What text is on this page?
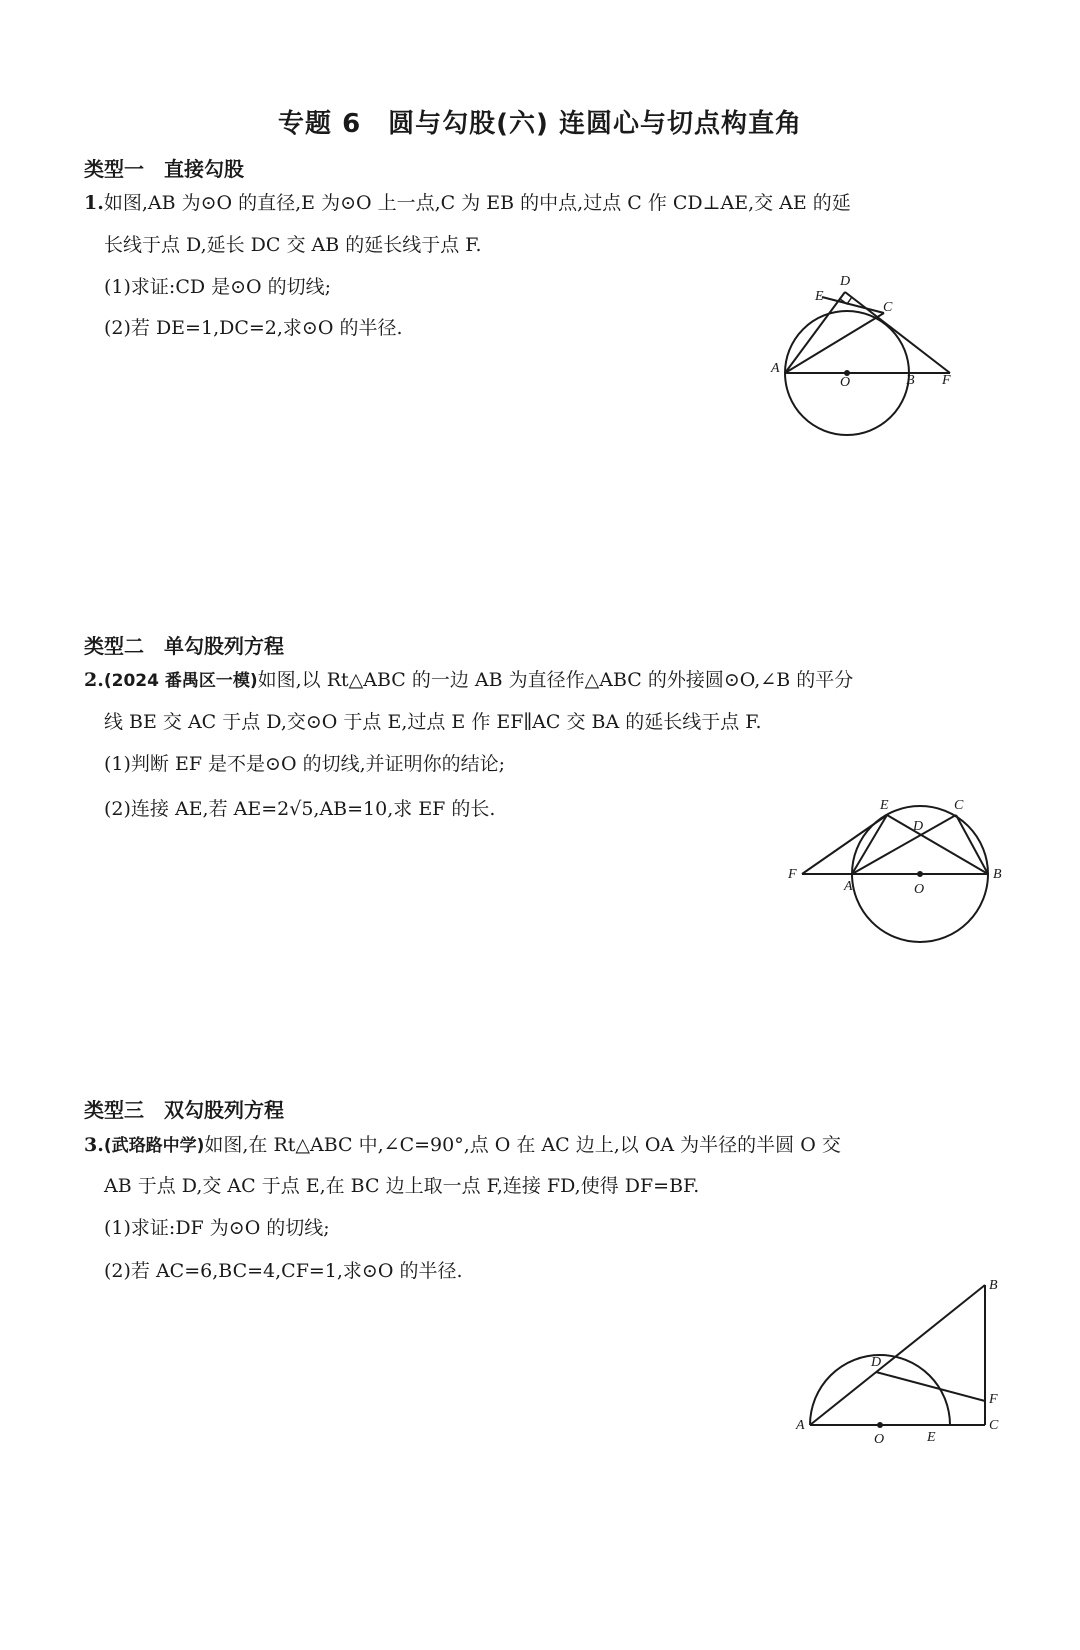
专题 6　圆与勾股(六) 连圆心与切点构直角
类型一　直接勾股
1.如图,AB 为⊙O 的直径,E 为⊙O 上一点,C 为 EB 的中点,过点 C 作 CD⊥AE,交 AE 的延
长线于点 D,延长 DC 交 AB 的延长线于点 F.
(1)求证:CD 是⊙O 的切线;
(2)若 DE=1,DC=2,求⊙O 的半径.
D
E
C
A
O	B F
类型二　单勾股列方程
2.(2024 番禺区一模)如图,以 Rt△ABC 的一边 AB 为直径作△ABC 的外接圆⊙O,∠B 的平分
线 BE 交 AC 于点 D,交⊙O 于点 E,过点 E 作 EF∥AC 交 BA 的延长线于点 F.
(1)判断 EF 是不是⊙O 的切线,并证明你的结论;
(2)连接 AE,若 AE=2√5,AB=10,求 EF 的长.	E	C
D
F
A	O
B
类型三　双勾股列方程
3.(武珞路中学)如图,在 Rt△ABC 中,∠C=90°,点 O 在 AC 边上,以 OA 为半径的半圆 O 交
AB 于点 D,交 AC 于点 E,在 BC 边上取一点 F,连接 FD,使得 DF=BF.
(1)求证:DF 为⊙O 的切线;
(2)若 AC=6,BC=4,CF=1,求⊙O 的半径.
B
D
F
A
O	E
C
